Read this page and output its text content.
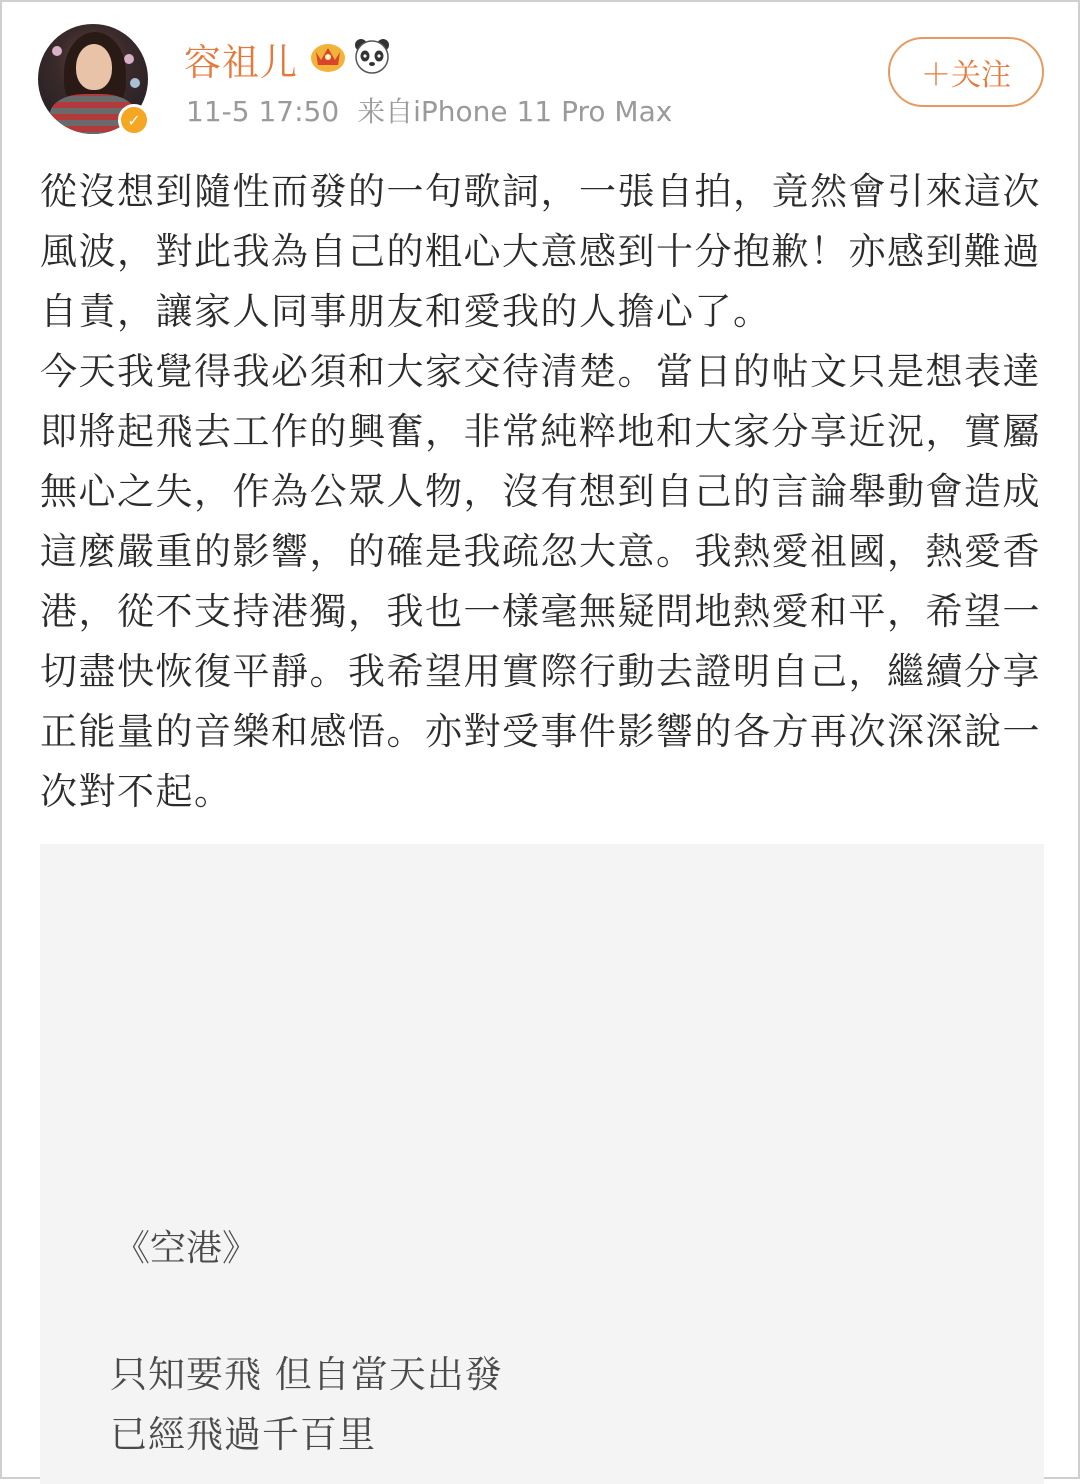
✓
容祖儿
11-5 17:50 来自iPhone 11 Pro Max
＋关注

從沒想到隨性而發的一句歌詞，一張自拍，竟然會引來這次風波，對此我為自己的粗心大意感到十分抱歉！亦感到難過自責，讓家人同事朋友和愛我的人擔心了。
今天我覺得我必須和大家交待清楚。當日的帖文只是想表達即將起飛去工作的興奮，非常純粹地和大家分享近況，實屬無心之失，作為公眾人物，沒有想到自己的言論舉動會造成這麼嚴重的影響，的確是我疏忽大意。我熱愛祖國，熱愛香港，從不支持港獨，我也一樣毫無疑問地熱愛和平，希望一切盡快恢復平靜。我希望用實際行動去證明自己，繼續分享正能量的音樂和感悟。亦對受事件影響的各方再次深深說一次對不起。

《空港》
只知要飛 但自當天出發
已經飛過千百里
